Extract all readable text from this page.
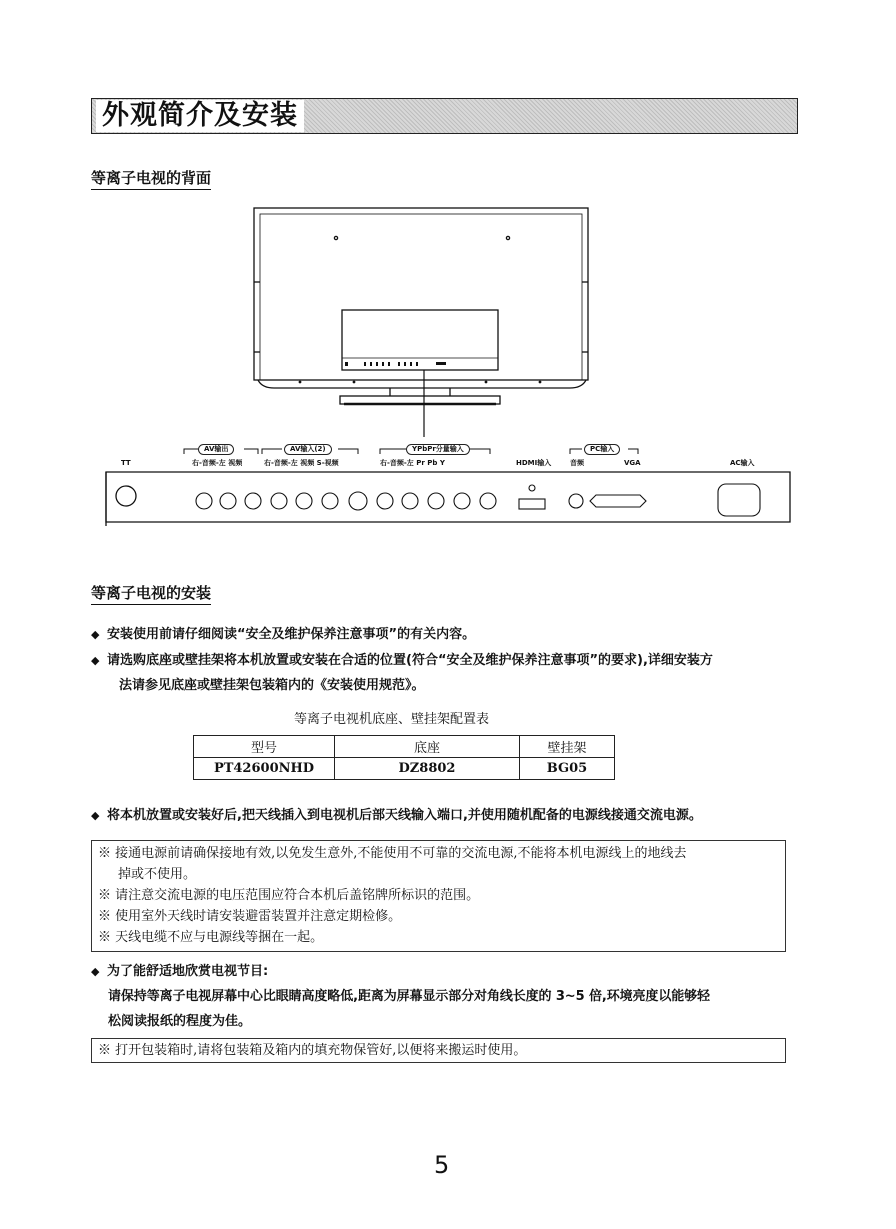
外观简介及安装
等离子电视的背面
AV输出	AV输入(2)	YPbPr分量输入	PC输入
TT	右-音频-左 视频	右-音频-左 视频 S-视频	右-音频-左 Pr Pb Y	HDMI输入	音频	VGA	AC输入
等离子电视的安装
◆ 安装使用前请仔细阅读“安全及维护保养注意事项”的有关内容。
◆ 请选购底座或壁挂架将本机放置或安装在合适的位置(符合“安全及维护保养注意事项”的要求),详细安装方
法请参见底座或壁挂架包装箱内的《安装使用规范》。
等离子电视机底座、壁挂架配置表
型号	底座	壁挂架
PT42600NHD	DZ8802	BG05
◆ 将本机放置或安装好后,把天线插入到电视机后部天线输入端口,并使用随机配备的电源线接通交流电源。
※ 接通电源前请确保接地有效,以免发生意外,不能使用不可靠的交流电源,不能将本机电源线上的地线去
掉或不使用。
※ 请注意交流电源的电压范围应符合本机后盖铭牌所标识的范围。
※ 使用室外天线时请安装避雷装置并注意定期检修。
※ 天线电缆不应与电源线等捆在一起。
◆ 为了能舒适地欣赏电视节目:
请保持等离子电视屏幕中心比眼睛高度略低,距离为屏幕显示部分对角线长度的 3~5 倍,环境亮度以能够轻
松阅读报纸的程度为佳。
※ 打开包装箱时,请将包装箱及箱内的填充物保管好,以便将来搬运时使用。
5
